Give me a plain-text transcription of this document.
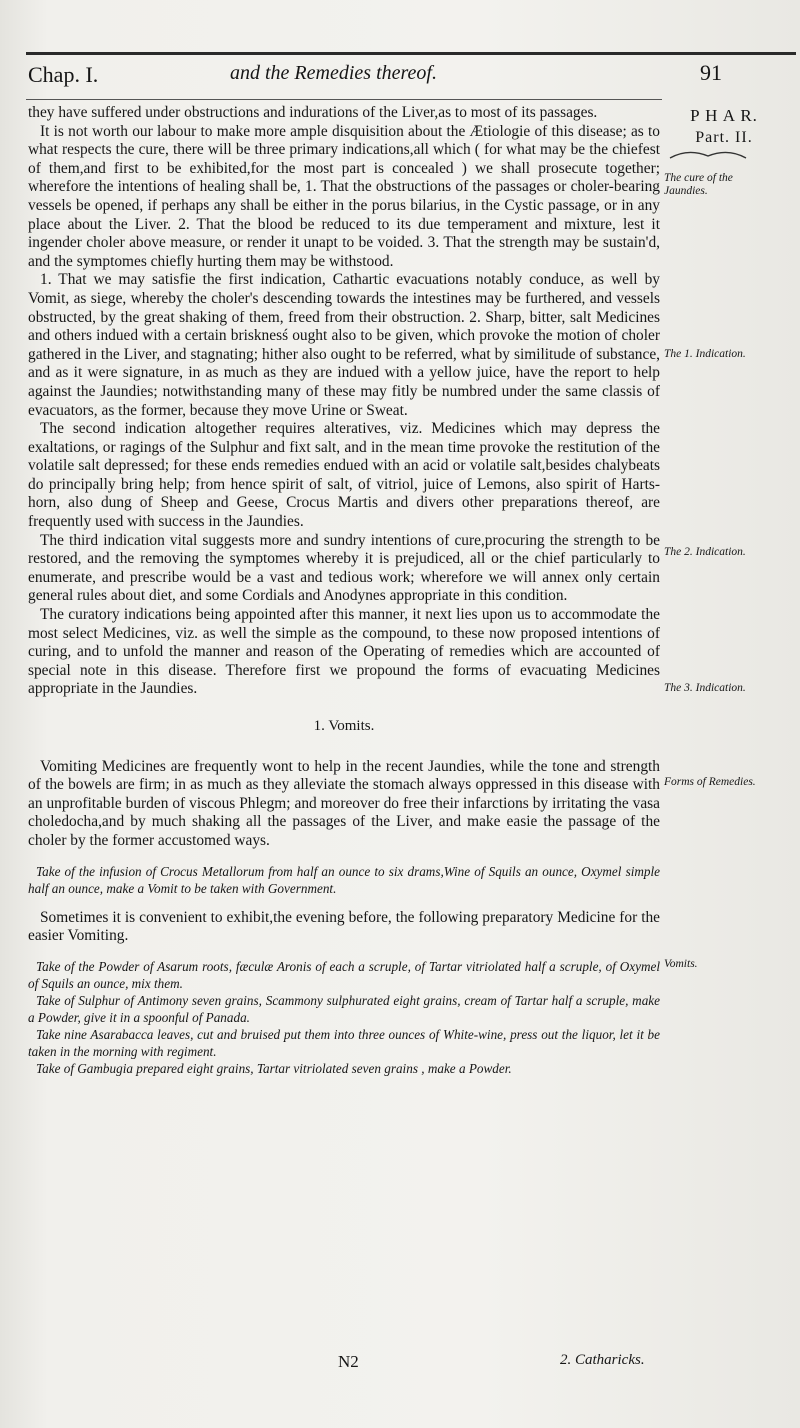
Chap. I.	and the Remedies thereof.	91
P H A R.
Part. II.
The cure of the Jaundies.
The 1. Indication.
The 2. Indication.
The 3. Indication.
Forms of Remedies.
Vomits.

they have suffered under obstructions and indurations of the Liver,as to most of its passages.

It is not worth our labour to make more ample disquisition about the Ætiologie of this disease; as to what respects the cure, there will be three primary indications,all which ( for what may be the chiefest of them,and first to be exhibited,for the most part is concealed ) we shall prosecute together; wherefore the intentions of healing shall be, 1. That the obstructions of the passages or choler-bearing vessels be opened, if perhaps any shall be either in the porus bilarius, in the Cystic passage, or in any place about the Liver. 2. That the blood be reduced to its due temperament and mixture, lest it ingender choler above measure, or render it unapt to be voided. 3. That the strength may be sustain'd, and the symptomes chiefly hurting them may be withstood.

1. That we may satisfie the first indication, Cathartic evacuations notably conduce, as well by Vomit, as siege, whereby the choler's descending towards the intestines may be furthered, and vessels obstructed, by the great shaking of them, freed from their obstruction. 2. Sharp, bitter, salt Medicines and others indued with a certain brisknesś ought also to be given, which provoke the motion of choler gathered in the Liver, and stagnating; hither also ought to be referred, what by similitude of substance, and as it were signature, in as much as they are indued with a yellow juice, have the report to help against the Jaundies; notwithstanding many of these may fitly be numbred under the same classis of evacuators, as the former, because they move Urine or Sweat.

The second indication altogether requires alteratives, viz. Medicines which may depress the exaltations, or ragings of the Sulphur and fixt salt, and in the mean time provoke the restitution of the volatile salt depressed; for these ends remedies endued with an acid or volatile salt,besides chalybeats do principally bring help; from hence spirit of salt, of vitriol, juice of Lemons, also spirit of Harts-horn, also dung of Sheep and Geese, Crocus Martis and divers other preparations thereof, are frequently used with success in the Jaundies.

The third indication vital suggests more and sundry intentions of cure,procuring the strength to be restored, and the removing the symptomes whereby it is prejudiced, all or the chief particularly to enumerate, and prescribe would be a vast and tedious work; wherefore we will annex only certain general rules about diet, and some Cordials and Anodynes appropriate in this condition.

The curatory indications being appointed after this manner, it next lies upon us to accommodate the most select Medicines, viz. as well the simple as the compound, to these now proposed intentions of curing, and to unfold the manner and reason of the Operating of remedies which are accounted of special note in this disease. Therefore first we propound the forms of evacuating Medicines appropriate in the Jaundies.

1. Vomits.

Vomiting Medicines are frequently wont to help in the recent Jaundies, while the tone and strength of the bowels are firm; in as much as they alleviate the stomach always oppressed in this disease with an unprofitable burden of viscous Phlegm; and moreover do free their infarctions by irritating the vasa choledocha,and by much shaking all the passages of the Liver, and make easie the passage of the choler by the former accustomed ways.

Take of the infusion of Crocus Metallorum from half an ounce to six drams,Wine of Squils an ounce, Oxymel simple half an ounce, make a Vomit to be taken with Government.

Sometimes it is convenient to exhibit,the evening before, the following preparatory Medicine for the easier Vomiting.

Take of the Powder of Asarum roots, fæculæ Aronis of each a scruple, of Tartar vitriolated half a scruple, of Oxymel of Squils an ounce, mix them.

Take of Sulphur of Antimony seven grains, Scammony sulphurated eight grains, cream of Tartar half a scruple, make a Powder, give it in a spoonful of Panada.

Take nine Asarabacca leaves, cut and bruised put them into three ounces of White-wine, press out the liquor, let it be taken in the morning with regiment.

Take of Gambugia prepared eight grains, Tartar vitriolated seven grains , make a Powder.

N2	2. Catharicks.
